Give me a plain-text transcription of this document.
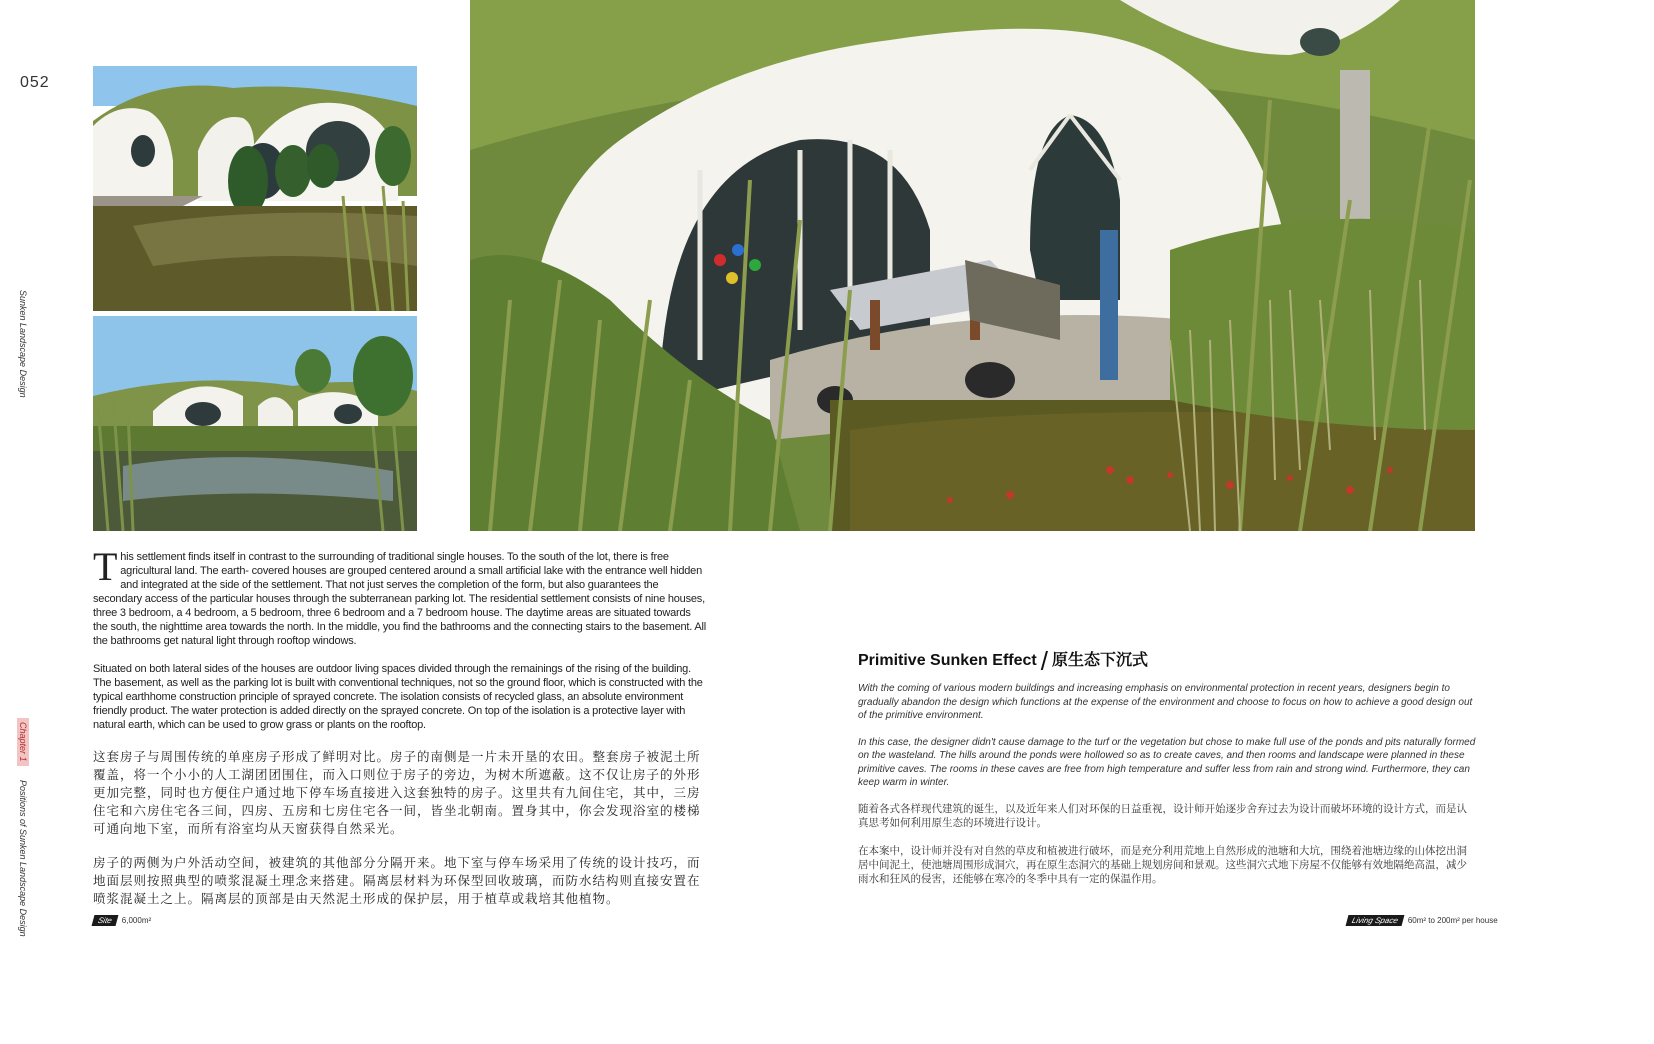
052
Sunken Landscape Design
Chapter 1
Positions of Sunken Landscape Design

This settlement finds itself in contrast to the surrounding of traditional single houses. To the south of the lot, there is free agricultural land. The earth- covered houses are grouped centered around a small artificial lake with the entrance well hidden and integrated at the side of the settlement. That not just serves the completion of the form, but also guarantees the secondary access of the particular houses through the subterranean parking lot. The residential settlement consists of nine houses, three 3 bedroom, a 4 bedroom, a 5 bedroom, three 6 bedroom and a 7 bedroom house. The daytime areas are situated towards the south, the nighttime area towards the north. In the middle, you find the bathrooms and the connecting stairs to the basement. All the bathrooms get natural light through rooftop windows.

Situated on both lateral sides of the houses are outdoor living spaces divided through the remainings of the rising of the building. The basement, as well as the parking lot is built with conventional techniques, not so the ground floor, which is constructed with the typical earthhome construction principle of sprayed concrete. The isolation consists of recycled glass, an absolute environment friendly product. The water protection is added directly on the sprayed concrete. On top of the isolation is a protective layer with natural earth, which can be used to grow grass or plants on the rooftop.

这套房子与周围传统的单座房子形成了鲜明对比。房子的南侧是一片未开垦的农田。整套房子被泥土所覆盖，将一个小小的人工湖团团围住，而入口则位于房子的旁边，为树木所遮蔽。这不仅让房子的外形更加完整，同时也方便住户通过地下停车场直接进入这套独特的房子。这里共有九间住宅，其中，三房住宅和六房住宅各三间，四房、五房和七房住宅各一间，皆坐北朝南。置身其中，你会发现浴室的楼梯可通向地下室，而所有浴室均从天窗获得自然采光。

房子的两侧为户外活动空间，被建筑的其他部分分隔开来。地下室与停车场采用了传统的设计技巧，而地面层则按照典型的喷浆混凝土理念来搭建。隔离层材料为环保型回收玻璃，而防水结构则直接安置在喷浆混凝土之上。隔离层的顶部是由天然泥土形成的保护层，用于植草或栽培其他植物。

Primitive Sunken Effect / 原生态下沉式

With the coming of various modern buildings and increasing emphasis on environmental protection in recent years, designers begin to gradually abandon the design which functions at the expense of the environment and choose to focus on how to achieve a good design out of the primitive environment.

In this case, the designer didn't cause damage to the turf or the vegetation but chose to make full use of the ponds and pits naturally formed on the wasteland. The hills around the ponds were hollowed so as to create caves, and then rooms and landscape were planned in these primitive caves. The rooms in these caves are free from high temperature and suffer less from rain and strong wind. Furthermore, they can keep warm in winter.

随着各式各样现代建筑的诞生，以及近年来人们对环保的日益重视，设计师开始逐步舍弃过去为设计而破坏环境的设计方式，而是认真思考如何利用原生态的环境进行设计。

在本案中，设计师并没有对自然的草皮和植被进行破坏，而是充分利用荒地上自然形成的池塘和大坑，围绕着池塘边缘的山体挖出洞居中间泥土，使池塘周围形成洞穴，再在原生态洞穴的基础上规划房间和景观。这些洞穴式地下房屋不仅能够有效地隔绝高温，减少雨水和狂风的侵害，还能够在寒冷的冬季中具有一定的保温作用。

Site 6,000m²	Living Space 60m² to 200m² per house
